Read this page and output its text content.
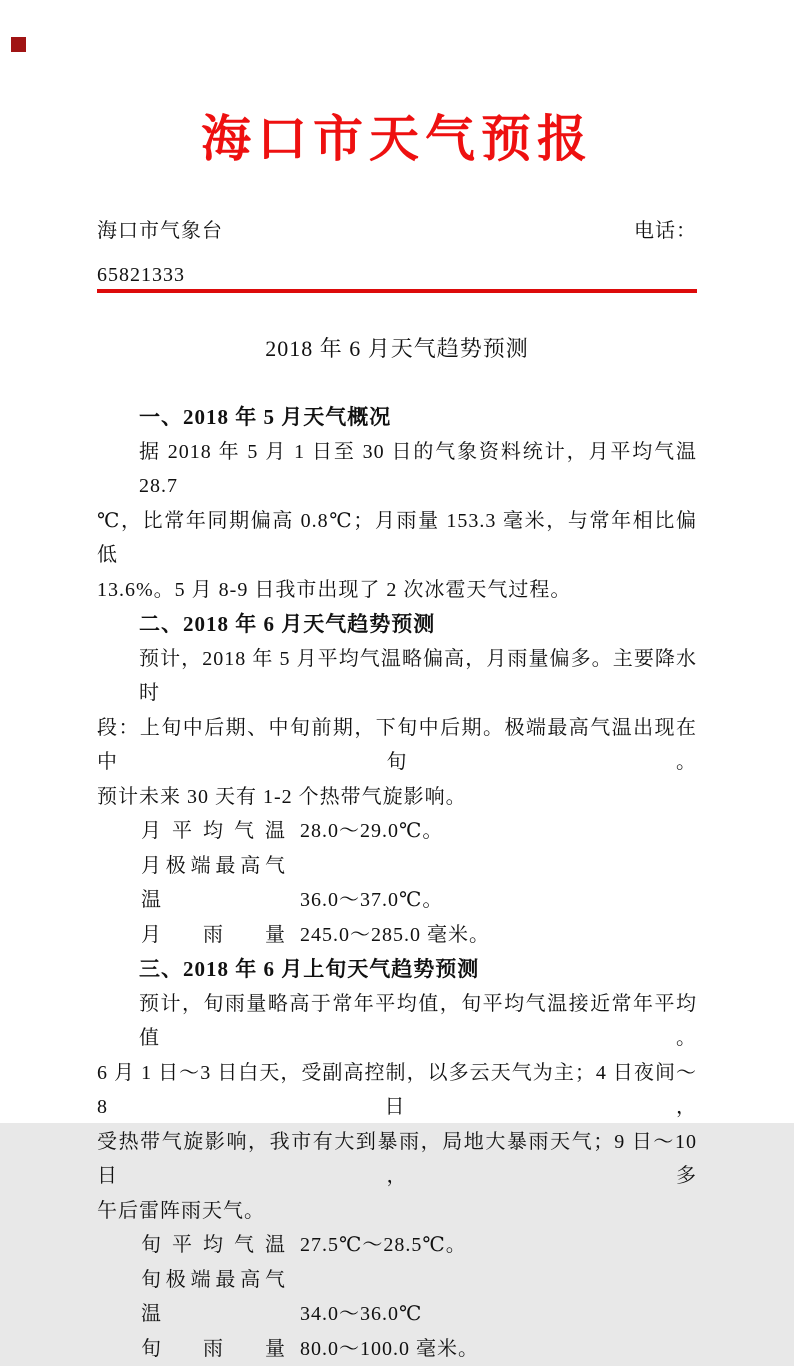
海口市天气预报
海口市气象台	电话：
65821333
2018 年 6 月天气趋势预测
一、2018 年 5 月天气概况
据 2018 年 5 月 1 日至 30 日的气象资料统计，月平均气温 28.7
℃，比常年同期偏高 0.8℃；月雨量 153.3 毫米，与常年相比偏低
13.6%。5 月 8-9 日我市出现了 2 次冰雹天气过程。
二、2018 年 6 月天气趋势预测
预计，2018 年 5 月平均气温略偏高，月雨量偏多。主要降水时
段：上旬中后期、中旬前期，下旬中后期。极端最高气温出现在中旬。
预计未来 30 天有 1-2 个热带气旋影响。
月平均气温 28.0～29.0℃。
月极端最高气温	36.0～37.0℃。
月雨量 245.0～285.0 毫米。
三、2018 年 6 月上旬天气趋势预测
预计，旬雨量略高于常年平均值，旬平均气温接近常年平均值。
6 月 1 日～3 日白天，受副高控制，以多云天气为主；4 日夜间～8 日，
受热带气旋影响，我市有大到暴雨，局地大暴雨天气；9 日～10 日，多
午后雷阵雨天气。
旬平均气温 27.5℃～28.5℃。
旬极端最高气温	34.0～36.0℃
旬雨量 80.0～100.0 毫米。
